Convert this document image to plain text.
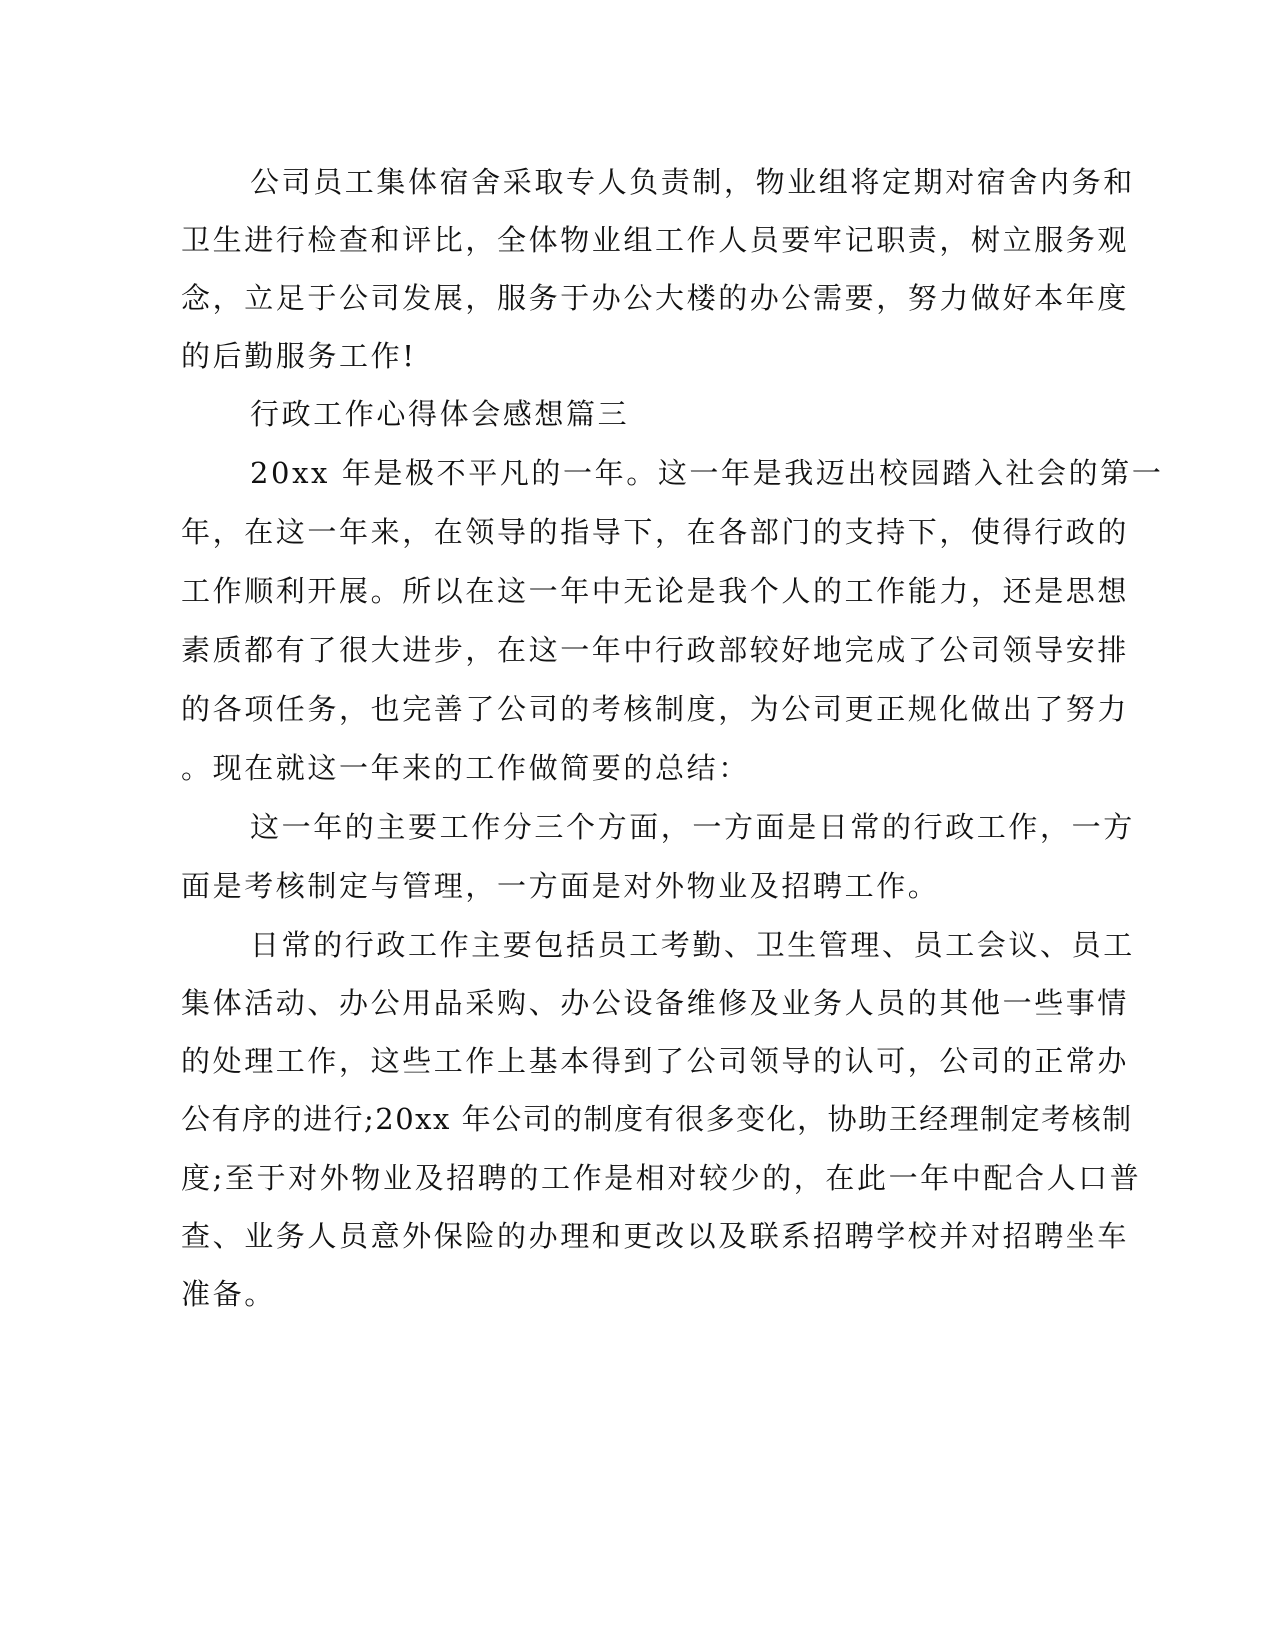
公司员工集体宿舍采取专人负责制，物业组将定期对宿舍内务和
卫生进行检查和评比，全体物业组工作人员要牢记职责，树立服务观
念，立足于公司发展，服务于办公大楼的办公需要，努力做好本年度
的后勤服务工作!
行政工作心得体会感想篇三
20xx 年是极不平凡的一年。这一年是我迈出校园踏入社会的第一
年，在这一年来，在领导的指导下，在各部门的支持下，使得行政的
工作顺利开展。所以在这一年中无论是我个人的工作能力，还是思想
素质都有了很大进步，在这一年中行政部较好地完成了公司领导安排
的各项任务，也完善了公司的考核制度，为公司更正规化做出了努力
。现在就这一年来的工作做简要的总结：
这一年的主要工作分三个方面，一方面是日常的行政工作，一方
面是考核制定与管理，一方面是对外物业及招聘工作。
日常的行政工作主要包括员工考勤、卫生管理、员工会议、员工
集体活动、办公用品采购、办公设备维修及业务人员的其他一些事情
的处理工作，这些工作上基本得到了公司领导的认可，公司的正常办
公有序的进行;20xx 年公司的制度有很多变化，协助王经理制定考核制
度;至于对外物业及招聘的工作是相对较少的，在此一年中配合人口普
查、业务人员意外保险的办理和更改以及联系招聘学校并对招聘坐车
准备。
